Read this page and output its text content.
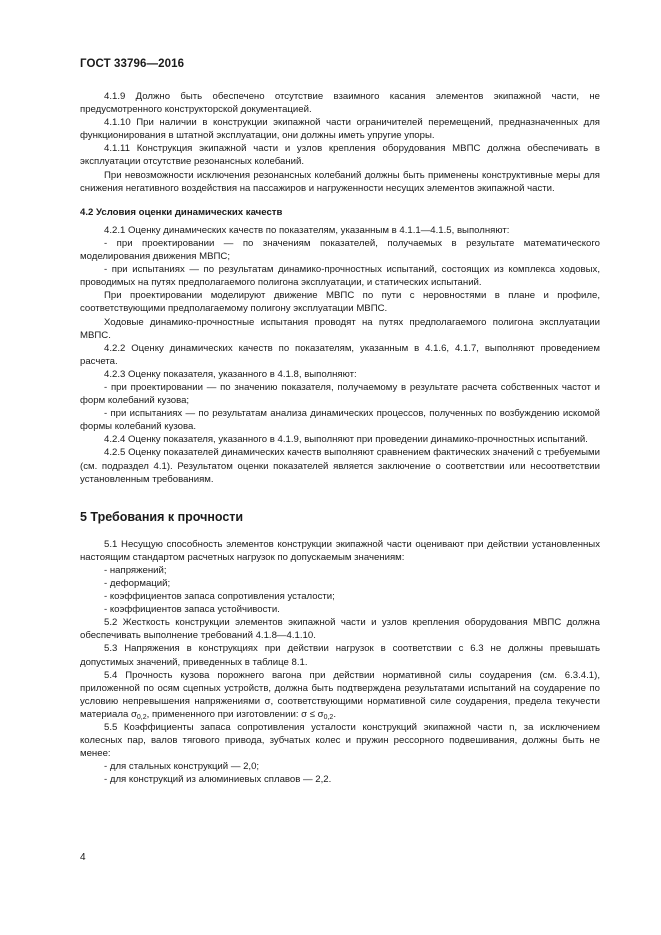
ГОСТ 33796—2016

4.1.9 Должно быть обеспечено отсутствие взаимного касания элементов экипажной части, не предусмотренного конструкторской документацией.

4.1.10 При наличии в конструкции экипажной части ограничителей перемещений, предназначенных для функционирования в штатной эксплуатации, они должны иметь упругие упоры.

4.1.11 Конструкция экипажной части и узлов крепления оборудования МВПС должна обеспечивать в эксплуатации отсутствие резонансных колебаний.

При невозможности исключения резонансных колебаний должны быть применены конструктивные меры для снижения негативного воздействия на пассажиров и нагруженности несущих элементов экипажной части.

4.2 Условия оценки динамических качеств

4.2.1 Оценку динамических качеств по показателям, указанным в 4.1.1—4.1.5, выполняют:

- при проектировании — по значениям показателей, получаемых в результате математического моделирования движения МВПС;

- при испытаниях — по результатам динамико-прочностных испытаний, состоящих из комплекса ходовых, проводимых на путях предполагаемого полигона эксплуатации, и статических испытаний.

При проектировании моделируют движение МВПС по пути с неровностями в плане и профиле, соответствующими предполагаемому полигону эксплуатации МВПС.

Ходовые динамико-прочностные испытания проводят на путях предполагаемого полигона эксплуатации МВПС.

4.2.2 Оценку динамических качеств по показателям, указанным в 4.1.6, 4.1.7, выполняют проведением расчета.

4.2.3 Оценку показателя, указанного в 4.1.8, выполняют:

- при проектировании — по значению показателя, получаемому в результате расчета собственных частот и форм колебаний кузова;

- при испытаниях — по результатам анализа динамических процессов, полученных по возбуждению искомой формы колебаний кузова.

4.2.4 Оценку показателя, указанного в 4.1.9, выполняют при проведении динамико-прочностных испытаний.

4.2.5 Оценку показателей динамических качеств выполняют сравнением фактических значений с требуемыми (см. подраздел 4.1). Результатом оценки показателей является заключение о соответствии или несоответствии установленным требованиям.

5 Требования к прочности

5.1 Несущую способность элементов конструкции экипажной части оценивают при действии установленных настоящим стандартом расчетных нагрузок по допускаемым значениям:

- напряжений;

- деформаций;

- коэффициентов запаса сопротивления усталости;

- коэффициентов запаса устойчивости.

5.2 Жесткость конструкции элементов экипажной части и узлов крепления оборудования МВПС должна обеспечивать выполнение требований 4.1.8—4.1.10.

5.3 Напряжения в конструкциях при действии нагрузок в соответствии с 6.3 не должны превышать допустимых значений, приведенных в таблице 8.1.

5.4 Прочность кузова порожнего вагона при действии нормативной силы соударения (см. 6.3.4.1), приложенной по осям сцепных устройств, должна быть подтверждена результатами испытаний на соударение по условию непревышения напряжениями σ, соответствующими нормативной силе соударения, предела текучести материала $\sigma_{0,2}$, примененного при изготовлении: $\sigma \le \sigma_{0,2}$.

5.5 Коэффициенты запаса сопротивления усталости конструкций экипажной части n, за исключением колесных пар, валов тягового привода, зубчатых колес и пружин рессорного подвешивания, должны быть не менее:

- для стальных конструкций — 2,0;

- для конструкций из алюминиевых сплавов — 2,2.

4
